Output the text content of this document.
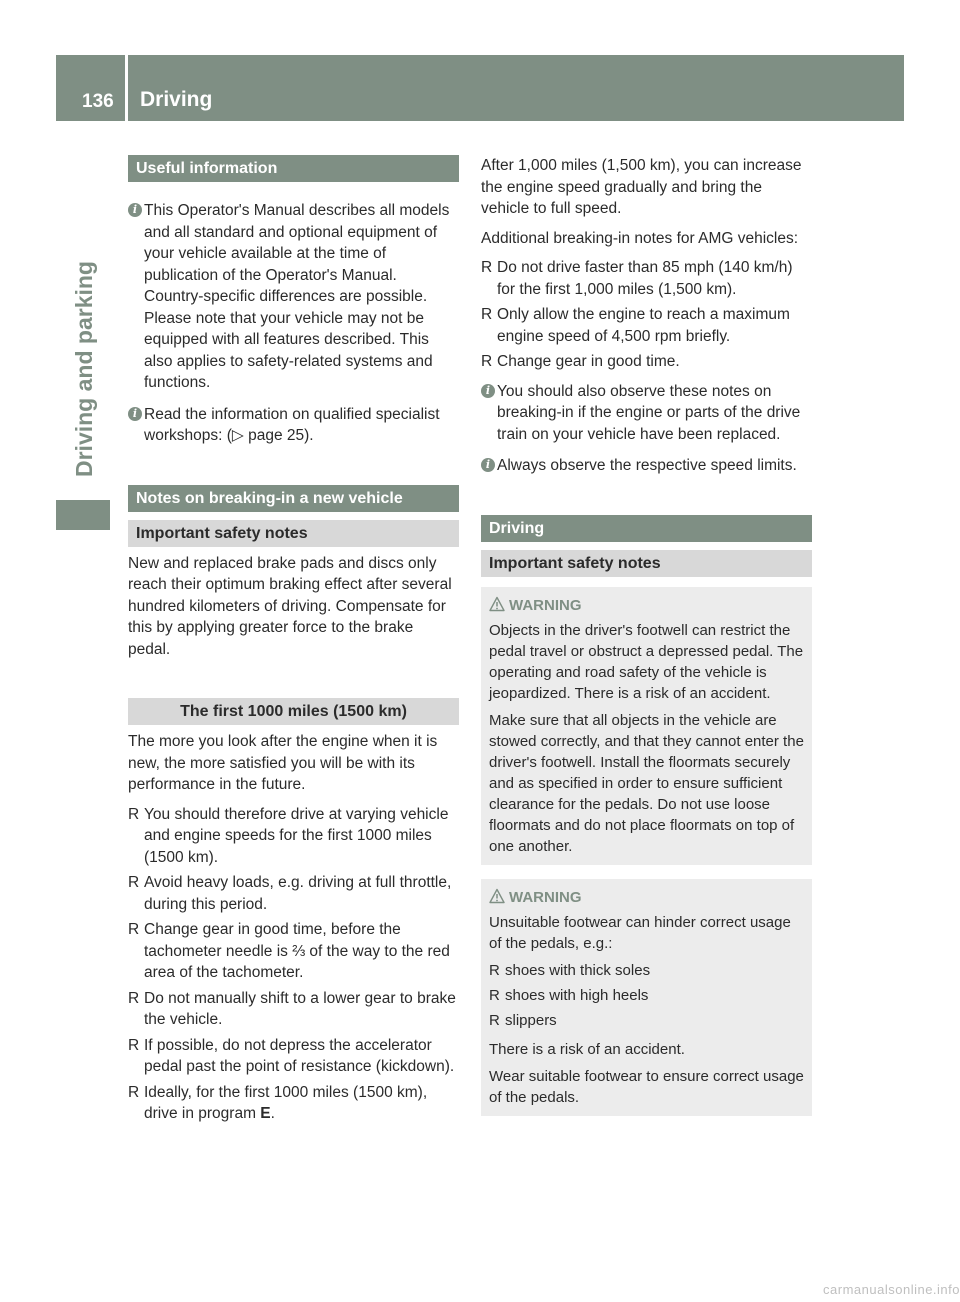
136 Driving
Driving and parking
Useful information
i This Operator's Manual describes all models and all standard and optional equipment of your vehicle available at the time of publication of the Operator's Manual. Country-specific differences are possible. Please note that your vehicle may not be equipped with all features described. This also applies to safety-related systems and functions.
i Read the information on qualified specialist workshops: (▷ page 25).
Notes on breaking-in a new vehicle
Important safety notes

New and replaced brake pads and discs only reach their optimum braking effect after several hundred kilometers of driving. Compensate for this by applying greater force to the brake pedal.

The first 1000 miles (1500 km)

The more you look after the engine when it is new, the more satisfied you will be with its performance in the future.

R You should therefore drive at varying vehicle and engine speeds for the first 1000 miles (1500 km).
R Avoid heavy loads, e.g. driving at full throttle, during this period.
R Change gear in good time, before the tachometer needle is ⅔ of the way to the red area of the tachometer.
R Do not manually shift to a lower gear to brake the vehicle.
R If possible, do not depress the accelerator pedal past the point of resistance (kickdown).
R Ideally, for the first 1000 miles (1500 km), drive in program E.

After 1,000 miles (1,500 km), you can increase the engine speed gradually and bring the vehicle to full speed.

Additional breaking-in notes for AMG vehicles:

R Do not drive faster than 85 mph (140 km/h) for the first 1,000 miles (1,500 km).
R Only allow the engine to reach a maximum engine speed of 4,500 rpm briefly.
R Change gear in good time.
i You should also observe these notes on breaking-in if the engine or parts of the drive train on your vehicle have been replaced.
i Always observe the respective speed limits.
Driving
Important safety notes
WARNING

Objects in the driver's footwell can restrict the pedal travel or obstruct a depressed pedal. The operating and road safety of the vehicle is jeopardized. There is a risk of an accident.

Make sure that all objects in the vehicle are stowed correctly, and that they cannot enter the driver's footwell. Install the floormats securely and as specified in order to ensure sufficient clearance for the pedals. Do not use loose floormats and do not place floormats on top of one another.

WARNING

Unsuitable footwear can hinder correct usage of the pedals, e.g.:

R shoes with thick soles
R shoes with high heels
R slippers

There is a risk of an accident.

Wear suitable footwear to ensure correct usage of the pedals.

carmanualsonline.info
